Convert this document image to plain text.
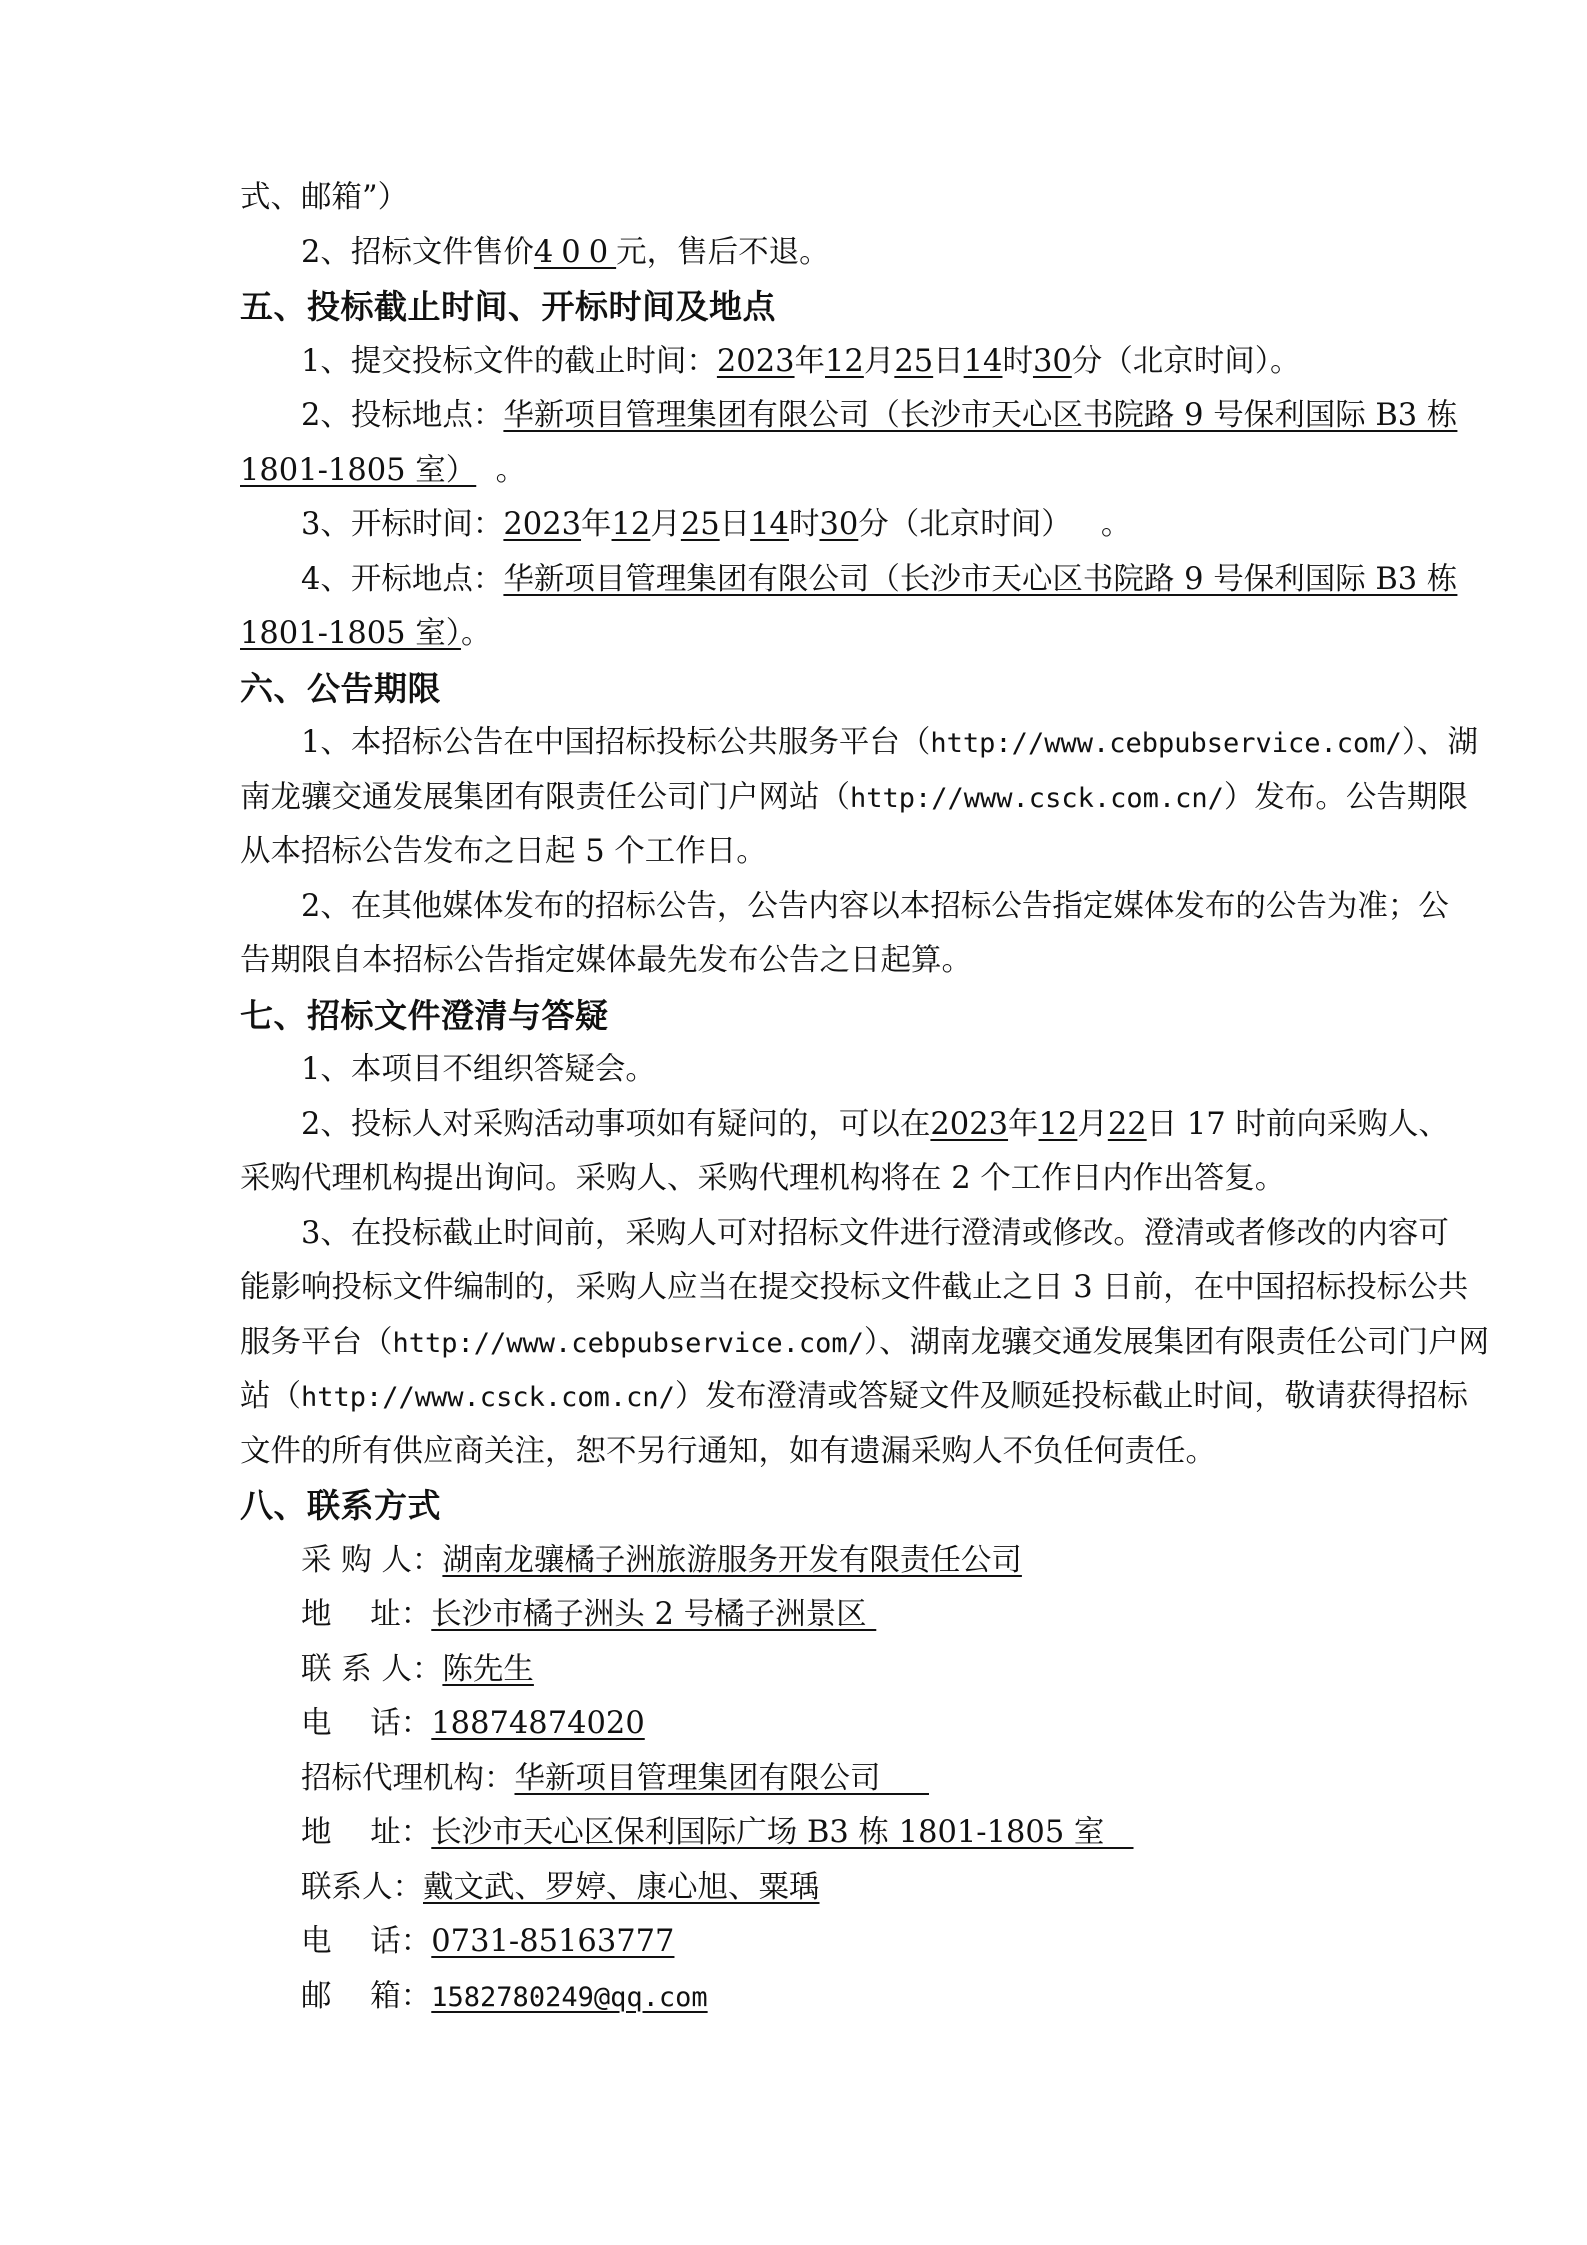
式、邮箱”）
2、招标文件售价400元，售后不退。
五、投标截止时间、开标时间及地点
1、提交投标文件的截止时间：2023年12月25日14时30分（北京时间）。
2、投标地点：华新项目管理集团有限公司（长沙市天心区书院路 9 号保利国际 B3 栋
1801-1805 室） 。
3、开标时间：2023年12月25日14时30分（北京时间） 。
4、开标地点：华新项目管理集团有限公司（长沙市天心区书院路 9 号保利国际 B3 栋
1801-1805 室）。
六、公告期限
1、本招标公告在中国招标投标公共服务平台（http://www.cebpubservice.com/）、湖
南龙骧交通发展集团有限责任公司门户网站（http://www.csck.com.cn/）发布。公告期限
从本招标公告发布之日起 5 个工作日。
2、在其他媒体发布的招标公告，公告内容以本招标公告指定媒体发布的公告为准；公
告期限自本招标公告指定媒体最先发布公告之日起算。
七、招标文件澄清与答疑
1、本项目不组织答疑会。
2、投标人对采购活动事项如有疑问的，可以在2023年12月22日 17 时前向采购人、
采购代理机构提出询问。采购人、采购代理机构将在 2 个工作日内作出答复。
3、在投标截止时间前，采购人可对招标文件进行澄清或修改。澄清或者修改的内容可
能影响投标文件编制的，采购人应当在提交投标文件截止之日 3 日前，在中国招标投标公共
服务平台（http://www.cebpubservice.com/）、湖南龙骧交通发展集团有限责任公司门户网
站（http://www.csck.com.cn/）发布澄清或答疑文件及顺延投标截止时间，敬请获得招标
文件的所有供应商关注，恕不另行通知，如有遗漏采购人不负任何责任。
八、联系方式
采 购 人：湖南龙骧橘子洲旅游服务开发有限责任公司
地    址：长沙市橘子洲头 2 号橘子洲景区
联 系 人：陈先生
电    话：18874874020
招标代理机构：华新项目管理集团有限公司
地    址：长沙市天心区保利国际广场 B3 栋 1801-1805 室
联系人：戴文武、罗婷、康心旭、粟瑀
电    话：0731-85163777
邮    箱：1582780249@qq.com
